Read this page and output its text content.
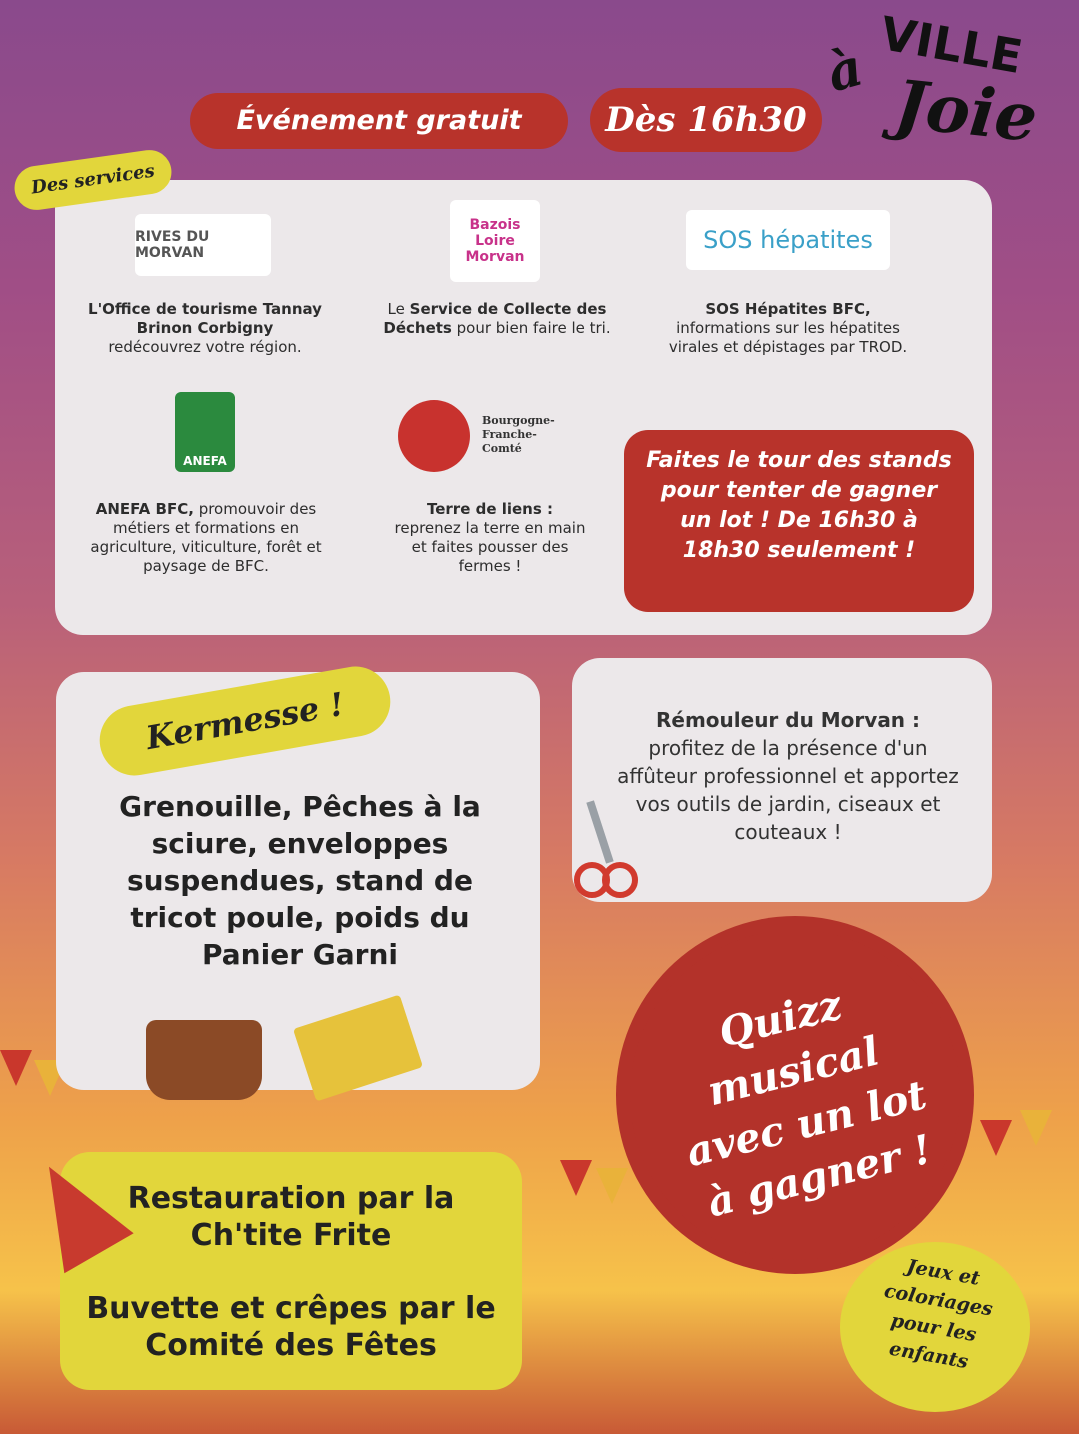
à VILLE
Joie
Événement gratuit	Dès 16h30
Des services
RIVES DU MORVAN
L'Office de tourisme Tannay Brinon Corbigny
redécouvrez votre région.
Bazois Loire Morvan
Le Service de Collecte des Déchets pour bien faire le tri.
SOS hépatites
SOS Hépatites BFC,
informations sur les hépatites virales et dépistages par TROD.
ANEFA
ANEFA BFC, promouvoir des métiers et formations en agriculture, viticulture, forêt et paysage de BFC.
Bourgogne-Franche-Comté
Terre de liens :
reprenez la terre en main et faites pousser des fermes !
Faites le tour des stands pour tenter de gagner un lot ! De 16h30 à 18h30 seulement !
Kermesse !
Grenouille, Pêches à la sciure, enveloppes suspendues, stand de tricot poule, poids du Panier Garni
Rémouleur du Morvan :
profitez de la présence d'un affûteur professionnel et apportez vos outils de jardin, ciseaux et couteaux !
Restauration par la Ch'tite Frite
Buvette et crêpes par le Comité des Fêtes
Quizz musical avec un lot à gagner !
Jeux et coloriages pour les enfants
